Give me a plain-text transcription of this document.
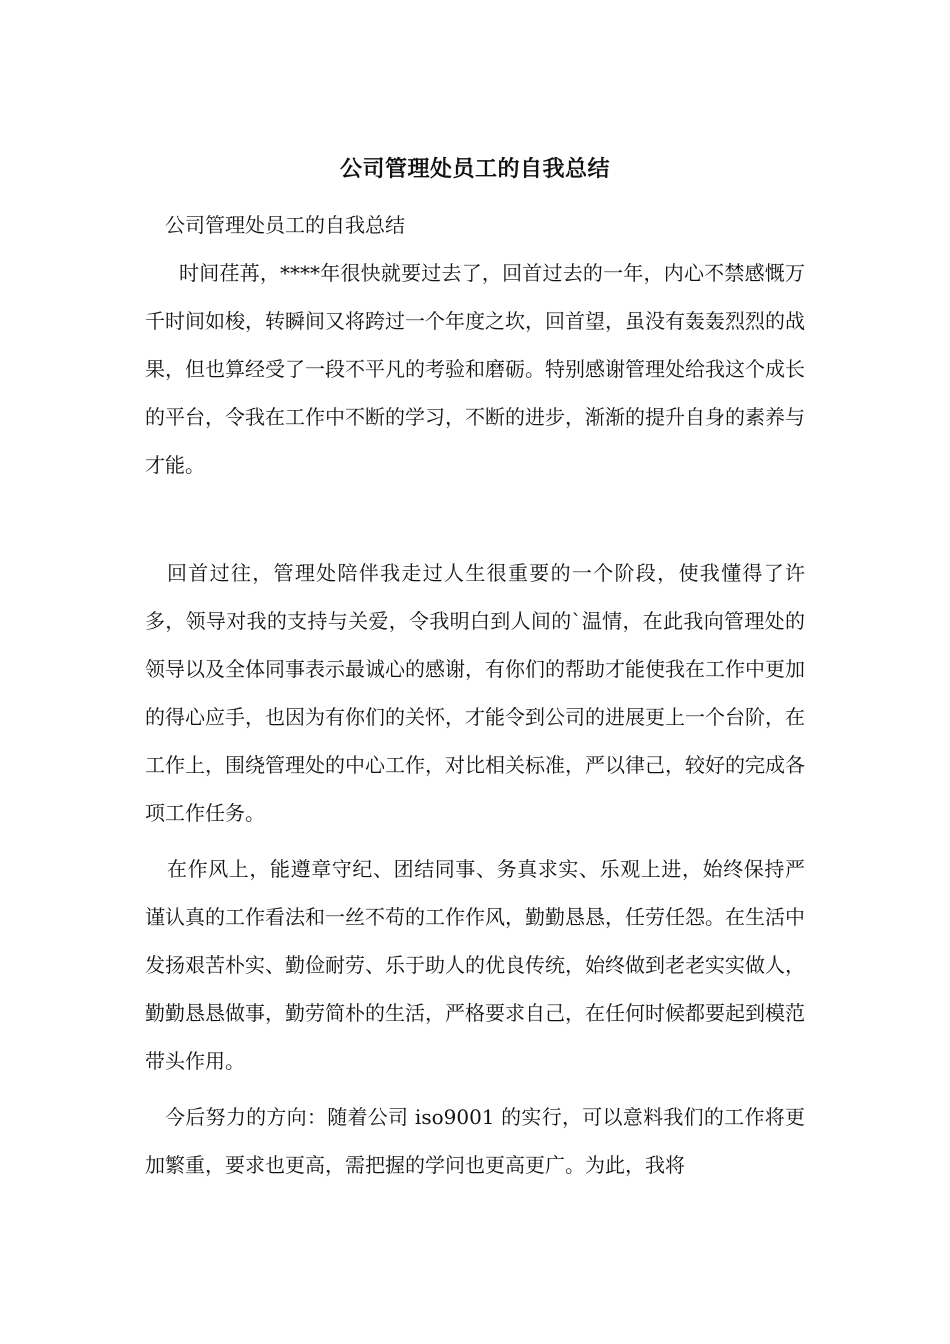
公司管理处员工的自我总结

公司管理处员工的自我总结

时间荏苒，****年很快就要过去了，回首过去的一年，内心不禁感慨万千时间如梭，转瞬间又将跨过一个年度之坎，回首望，虽没有轰轰烈烈的战果，但也算经受了一段不平凡的考验和磨砺。特别感谢管理处给我这个成长的平台，令我在工作中不断的学习，不断的进步，渐渐的提升自身的素养与才能。

回首过往，管理处陪伴我走过人生很重要的一个阶段，使我懂得了许多，领导对我的支持与关爱，令我明白到人间的`温情，在此我向管理处的领导以及全体同事表示最诚心的感谢，有你们的帮助才能使我在工作中更加的得心应手，也因为有你们的关怀，才能令到公司的进展更上一个台阶，在工作上，围绕管理处的中心工作，对比相关标准，严以律己，较好的完成各项工作任务。

在作风上，能遵章守纪、团结同事、务真求实、乐观上进，始终保持严谨认真的工作看法和一丝不苟的工作作风，勤勤恳恳，任劳任怨。在生活中发扬艰苦朴实、勤俭耐劳、乐于助人的优良传统，始终做到老老实实做人，勤勤恳恳做事，勤劳简朴的生活，严格要求自己，在任何时候都要起到模范带头作用。

今后努力的方向：随着公司 iso9001 的实行，可以意料我们的工作将更加繁重，要求也更高，需把握的学问也更高更广。为此，我将
